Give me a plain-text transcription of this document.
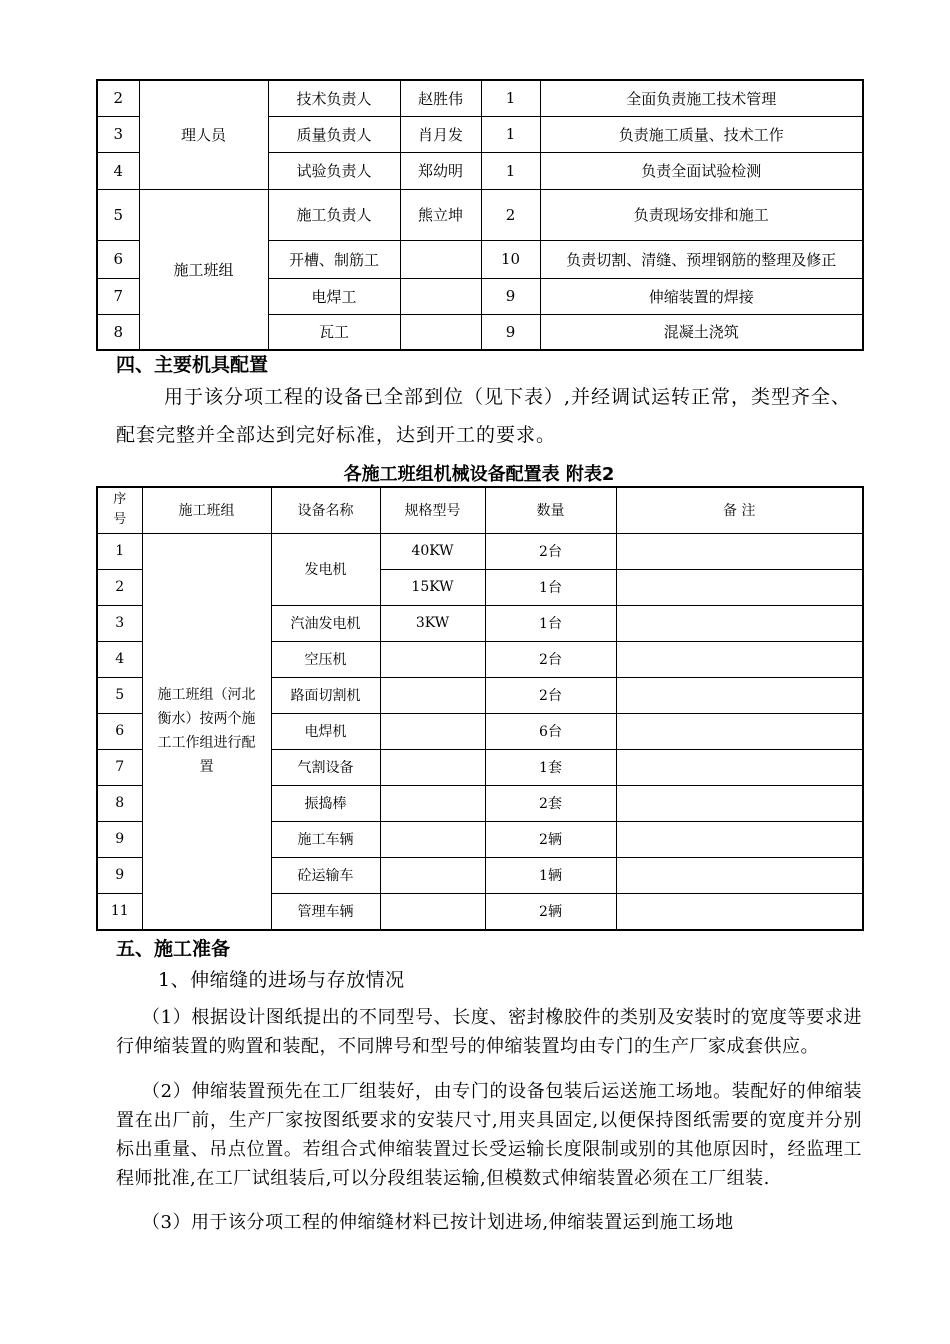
2	理人员	技术负责人	赵胜伟	1	全面负责施工技术管理
3		质量负责人	肖月发	1	负责施工质量、技术工作
4		试验负责人	郑幼明	1	负责全面试验检测
5	施工班组	施工负责人	熊立坤	2	负责现场安排和施工
6		开槽、制筋工		10	负责切割、清缝、预埋钢筋的整理及修正
7		电焊工		9	伸缩装置的焊接
8		瓦工		9	混凝土浇筑
四、主要机具配置
用于该分项工程的设备已全部到位（见下表）,并经调试运转正常，类型齐全、配套完整并全部达到完好标准，达到开工的要求。
各施工班组机械设备配置表 附表2
序号	施工班组	设备名称	规格型号	数量	备 注
1	施工班组（河北衡水）按两个施工工作组进行配置	发电机	40KW	2台	
2			15KW	1台	
3		汽油发电机	3KW	1台	
4		空压机		2台	
5		路面切割机		2台	
6		电焊机		6台	
7		气割设备		1套	
8		振捣棒		2套	
9		施工车辆		2辆	
9		砼运输车		1辆	
11		管理车辆		2辆	
五、施工准备
1、伸缩缝的进场与存放情况
（1）根据设计图纸提出的不同型号、长度、密封橡胶件的类别及安装时的宽度等要求进行伸缩装置的购置和装配，不同牌号和型号的伸缩装置均由专门的生产厂家成套供应。
（2）伸缩装置预先在工厂组装好，由专门的设备包装后运送施工场地。装配好的伸缩装置在出厂前，生产厂家按图纸要求的安装尺寸,用夹具固定,以便保持图纸需要的宽度并分别标出重量、吊点位置。若组合式伸缩装置过长受运输长度限制或别的其他原因时，经监理工程师批准,在工厂试组装后,可以分段组装运输,但模数式伸缩装置必须在工厂组装.
（3）用于该分项工程的伸缩缝材料已按计划进场,伸缩装置运到施工场地
